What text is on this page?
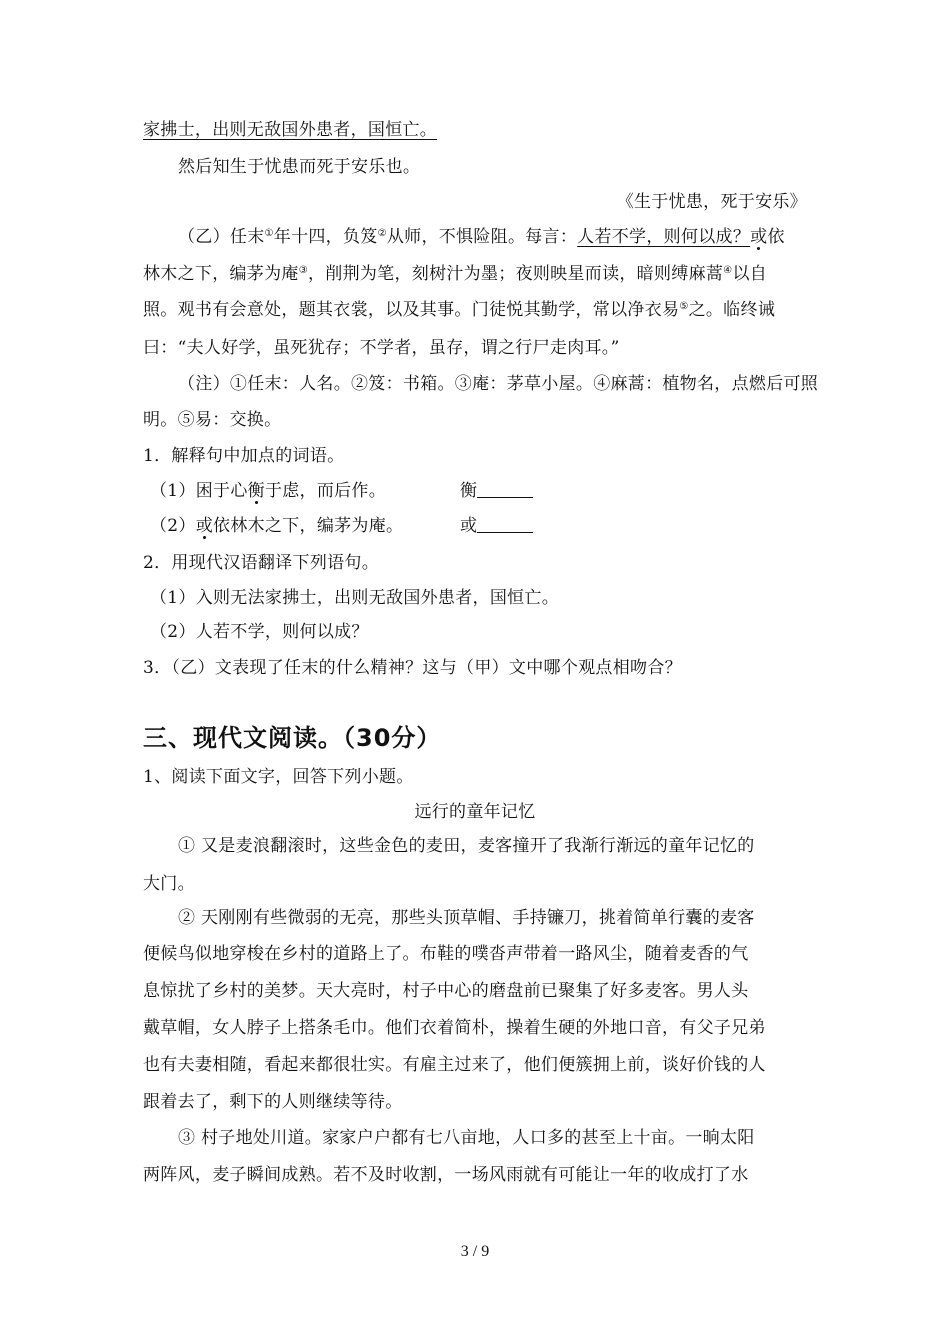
家拂士，出则无敌国外患者，国恒亡。
然后知生于忧患而死于安乐也。
《生于忧患，死于安乐》
（乙）任末①年十四，负笈②从师，不惧险阻。每言：人若不学，则何以成？或依
林木之下，编茅为庵③，削荆为笔，刻树汁为墨；夜则映星而读，暗则缚麻蒿④以自
照。观书有会意处，题其衣裳，以及其事。门徒悦其勤学，常以净衣易⑤之。临终诫
曰：“夫人好学，虽死犹存；不学者，虽存，谓之行尸走肉耳。”
（注）①任末：人名。②笈：书箱。③庵：茅草小屋。④麻蒿：植物名，点燃后可照
明。⑤易：交换。
1．解释句中加点的词语。
（1）困于心衡于虑，而后作。	衡
（2）或依林木之下，编茅为庵。	或
2．用现代汉语翻译下列语句。
（1）入则无法家拂士，出则无敌国外患者，国恒亡。
（2）人若不学，则何以成？
3．（乙）文表现了任末的什么精神？这与（甲）文中哪个观点相吻合？
三、现代文阅读。（30分）
1、阅读下面文字，回答下列小题。
远行的童年记忆
① 又是麦浪翻滚时，这些金色的麦田，麦客撞开了我渐行渐远的童年记忆的
大门。
② 天刚刚有些微弱的无亮，那些头顶草帽、手持镰刀，挑着简单行囊的麦客
便候鸟似地穿梭在乡村的道路上了。布鞋的噗沓声带着一路风尘，随着麦香的气
息惊扰了乡村的美梦。天大亮时，村子中心的磨盘前已聚集了好多麦客。男人头
戴草帽，女人脖子上搭条毛巾。他们衣着简朴，操着生硬的外地口音，有父子兄弟
也有夫妻相随，看起来都很壮实。有雇主过来了，他们便簇拥上前，谈好价钱的人
跟着去了，剩下的人则继续等待。
③ 村子地处川道。家家户户都有七八亩地，人口多的甚至上十亩。一晌太阳
两阵风，麦子瞬间成熟。若不及时收割，一场风雨就有可能让一年的收成打了水
3 / 9
